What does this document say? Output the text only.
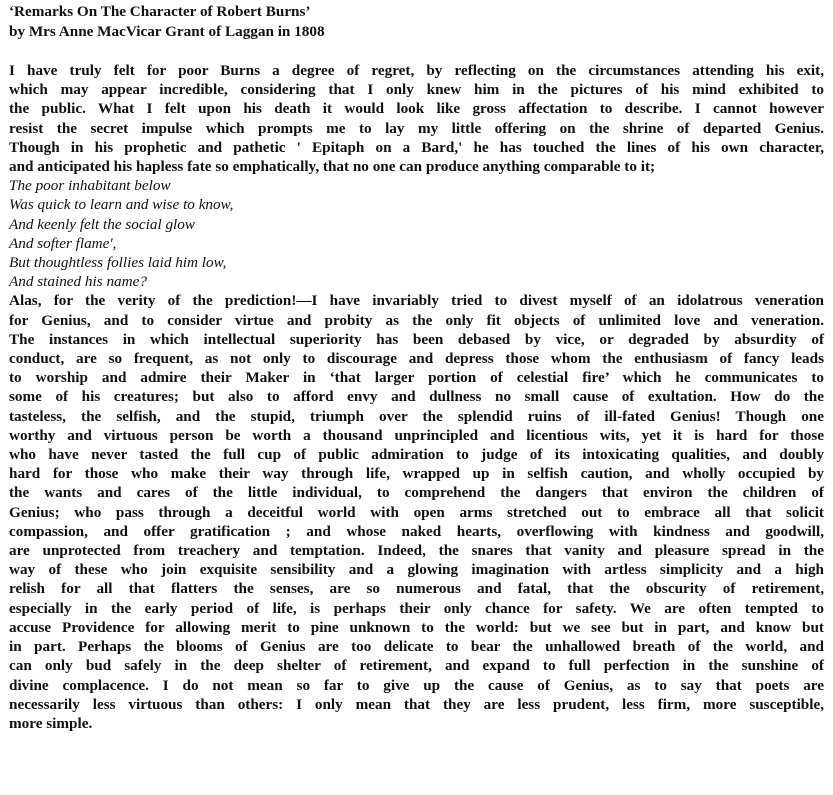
‘Remarks On The Character of Robert Burns’
by Mrs Anne MacVicar Grant of Laggan in 1808
I have truly felt for poor Burns a degree of regret, by reflecting on the circumstances attending his exit,
which may appear incredible, considering that I only knew him in the pictures of his mind exhibited to
the public. What I felt upon his death it would look like gross affectation to describe. I cannot however
resist the secret impulse which prompts me to lay my little offering on the shrine of departed Genius.
Though in his prophetic and pathetic ' Epitaph on a Bard,' he has touched the lines of his own character,
and anticipated his hapless fate so emphatically, that no one can produce anything comparable to it;
The poor inhabitant below
Was quick to learn and wise to know,
And keenly felt the social glow
And softer flame',
But thoughtless follies laid him low,
And stained his name?
Alas, for the verity of the prediction!—I have invariably tried to divest myself of an idolatrous veneration
for Genius, and to consider virtue and probity as the only fit objects of unlimited love and veneration.
The instances in which intellectual superiority has been debased by vice, or degraded by absurdity of
conduct, are so frequent, as not only to discourage and depress those whom the enthusiasm of fancy leads
to worship and admire their Maker in ‘that larger portion of celestial fire’ which he communicates to
some of his creatures; but also to afford envy and dullness no small cause of exultation. How do the
tasteless, the selfish, and the stupid, triumph over the splendid ruins of ill-fated Genius! Though one
worthy and virtuous person be worth a thousand unprincipled and licentious wits, yet it is hard for those
who have never tasted the full cup of public admiration to judge of its intoxicating qualities, and doubly
hard for those who make their way through life, wrapped up in selfish caution, and wholly occupied by
the wants and cares of the little individual, to comprehend the dangers that environ the children of
Genius; who pass through a deceitful world with open arms stretched out to embrace all that solicit
compassion, and offer gratification ; and whose naked hearts, overflowing with kindness and goodwill,
are unprotected from treachery and temptation. Indeed, the snares that vanity and pleasure spread in the
way of these who join exquisite sensibility and a glowing imagination with artless simplicity and a high
relish for all that flatters the senses, are so numerous and fatal, that the obscurity of retirement,
especially in the early period of life, is perhaps their only chance for safety. We are often tempted to
accuse Providence for allowing merit to pine unknown to the world: but we see but in part, and know but
in part. Perhaps the blooms of Genius are too delicate to bear the unhallowed breath of the world, and
can only bud safely in the deep shelter of retirement, and expand to full perfection in the sunshine of
divine complacence. I do not mean so far to give up the cause of Genius, as to say that poets are
necessarily less virtuous than others: I only mean that they are less prudent, less firm, more susceptible,
more simple.
